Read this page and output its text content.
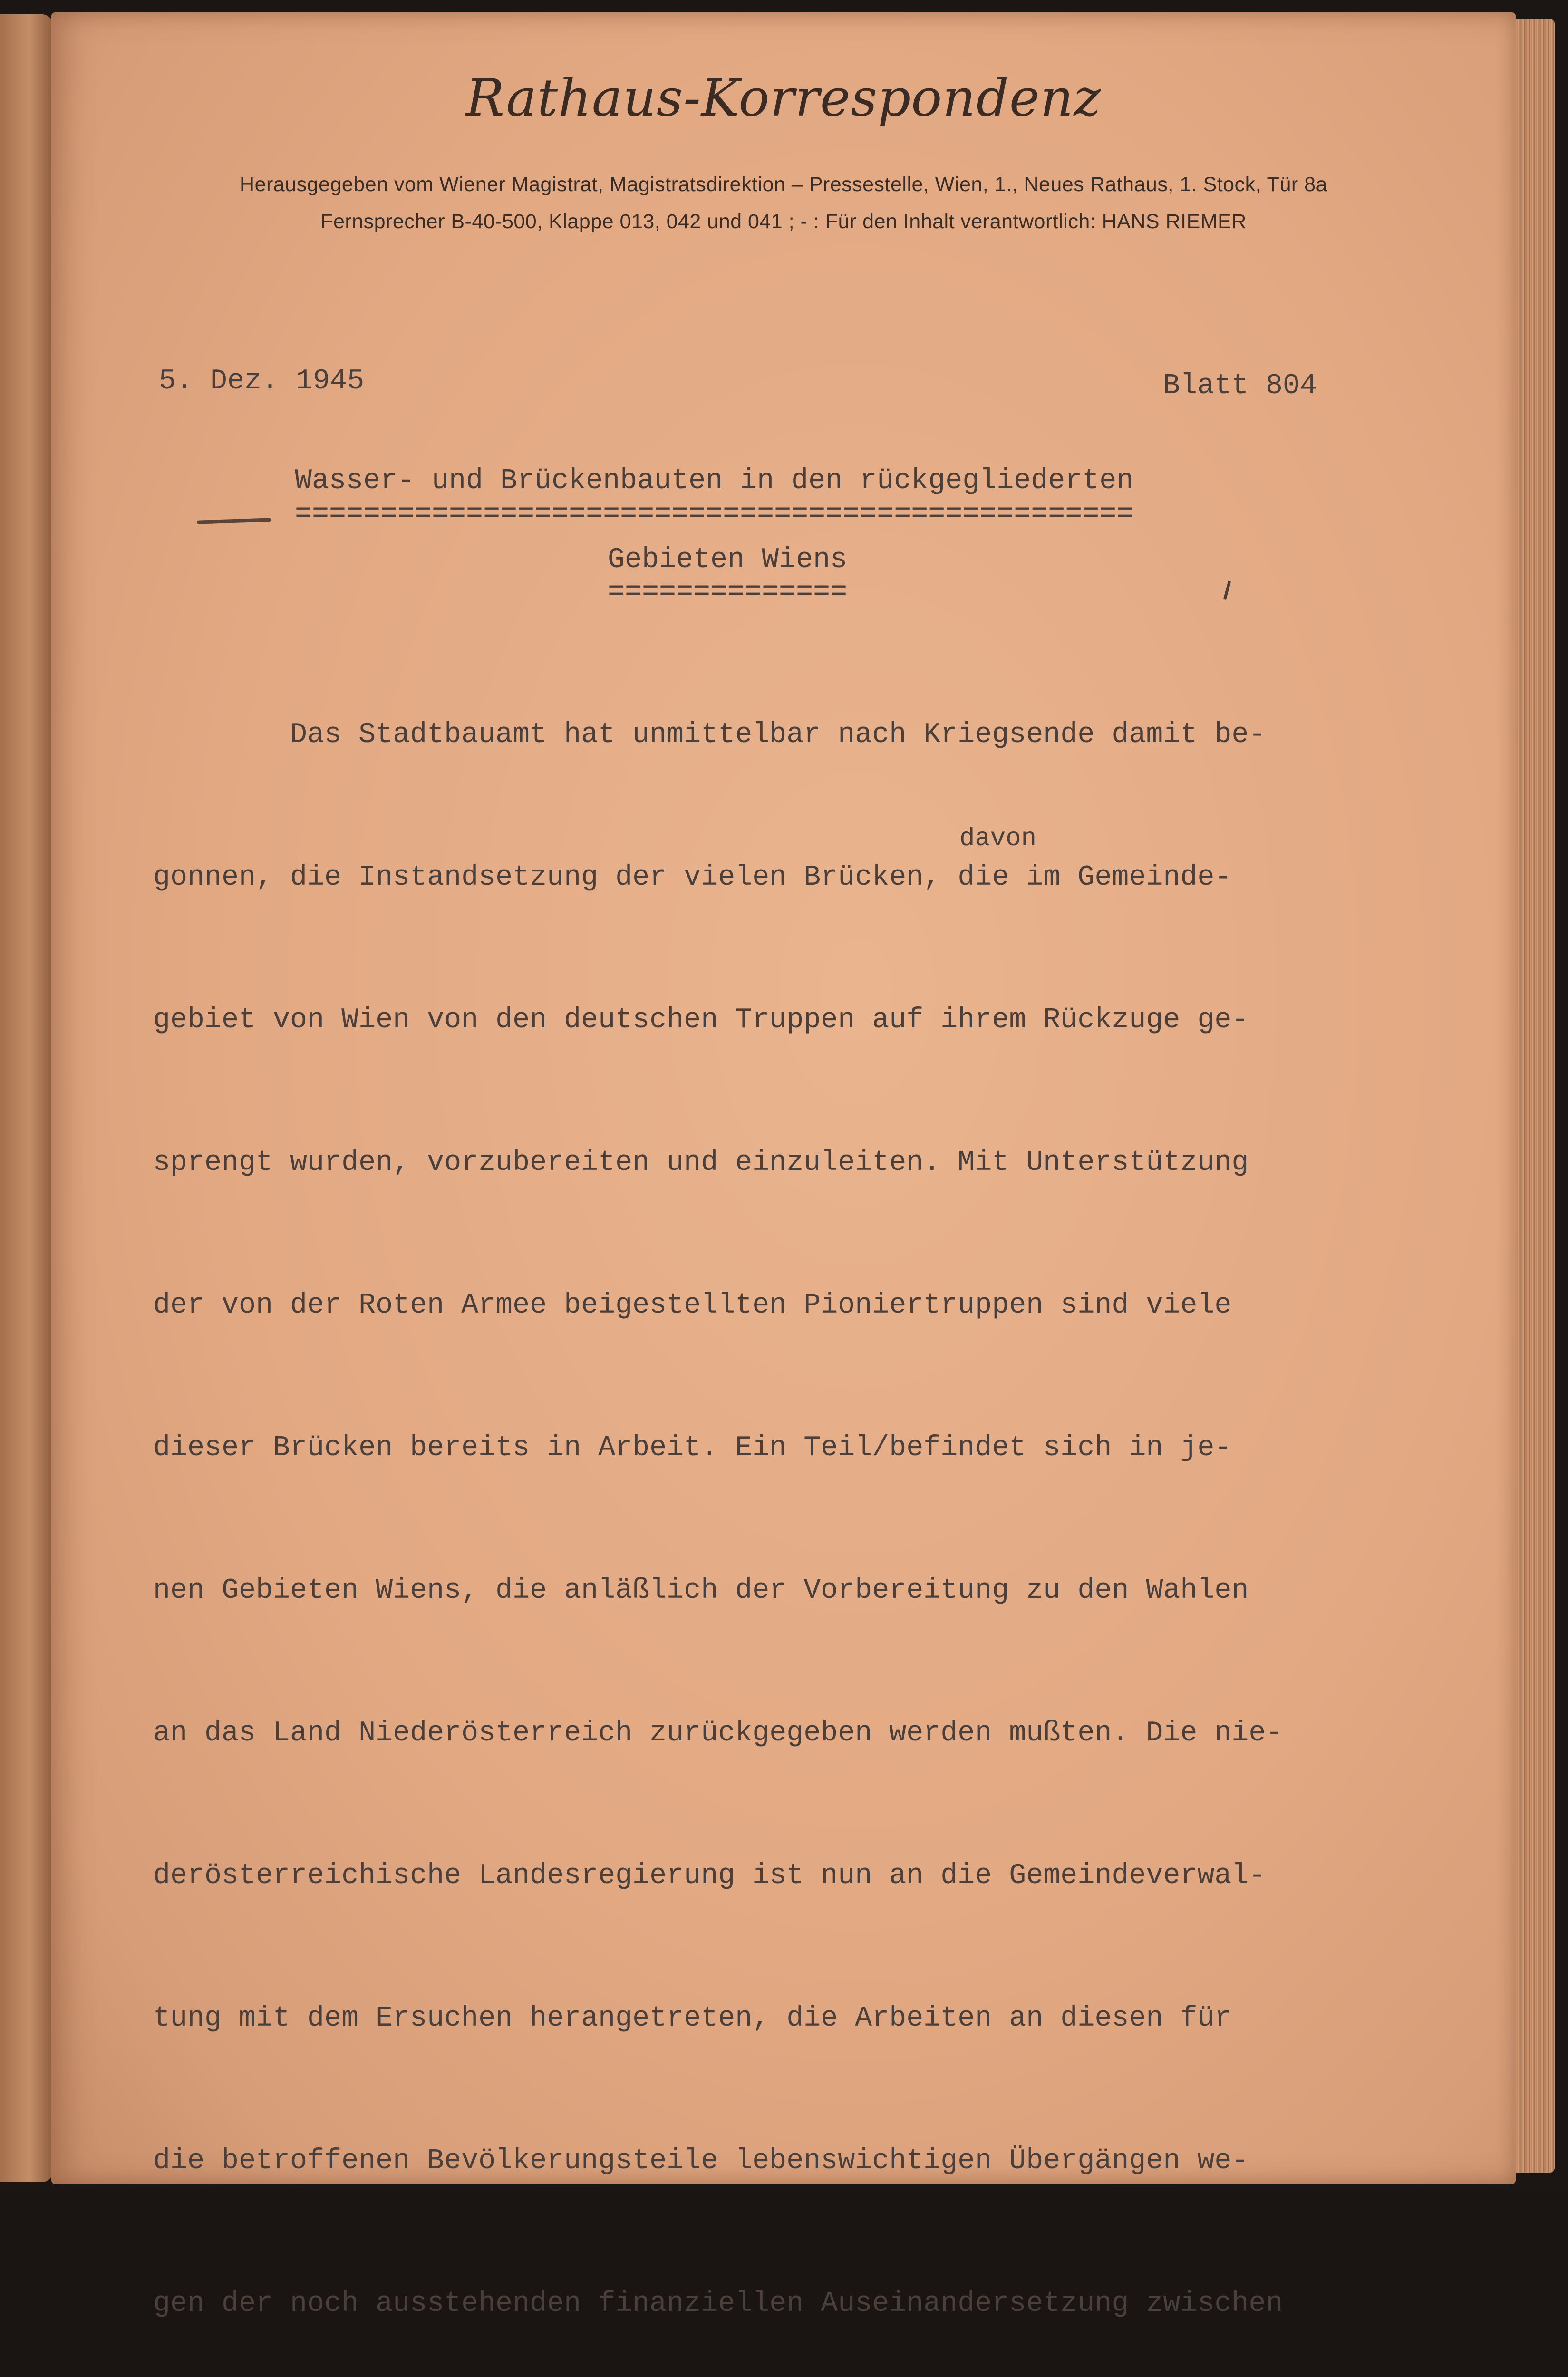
Rathaus-Korrespondenz
Herausgegeben vom Wiener Magistrat, Magistratsdirektion – Pressestelle, Wien, 1., Neues Rathaus, 1. Stock, Tür 8a
Fernsprecher B-40-500, Klappe 013, 042 und 041 ; - : Für den Inhalt verantwortlich: HANS RIEMER
5. Dez. 1945	Blatt 804
Wasser- und Brückenbauten in den rückgegliederten
=================================================
Gebieten Wiens
==============
davon

Das Stadtbauamt hat unmittelbar nach Kriegsende damit be-

gonnen, die Instandsetzung der vielen Brücken, die im Gemeinde-

gebiet von Wien von den deutschen Truppen auf ihrem Rückzuge ge-

sprengt wurden, vorzubereiten und einzuleiten. Mit Unterstützung

der von der Roten Armee beigestellten Pioniertruppen sind viele

dieser Brücken bereits in Arbeit. Ein Teil/befindet sich in je-

nen Gebieten Wiens, die anläßlich der Vorbereitung zu den Wahlen

an das Land Niederösterreich zurückgegeben werden mußten. Die nie-

derösterreichische Landesregierung ist nun an die Gemeindeverwal-

tung mit dem Ersuchen herangetreten, die Arbeiten an diesen für

die betroffenen Bevölkerungsteile lebenswichtigen Übergängen we-

gen der noch ausstehenden finanziellen Auseinandersetzung zwischen
